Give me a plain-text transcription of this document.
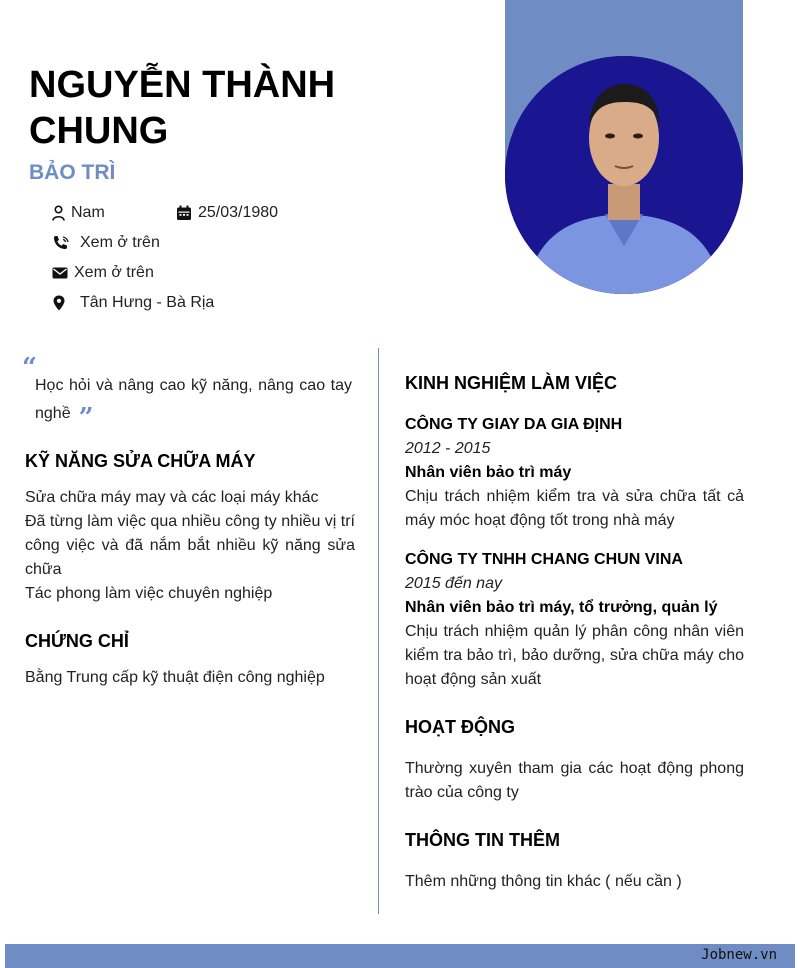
NGUYỄN THÀNH CHUNG
BẢO TRÌ
Nam	25/03/1980
Xem ở trên
Xem ở trên
Tân Hưng - Bà Rịa
“
Học hỏi và nâng cao kỹ năng, nâng cao tay nghề ”
KỸ NĂNG SỬA CHỮA MÁY

Sửa chữa máy may và các loại máy khác

Đã từng làm việc qua nhiều công ty nhiều vị trí công việc và đã nắm bắt nhiều kỹ năng sửa chữa

Tác phong làm việc chuyên nghiệp

CHỨNG CHỈ

Bằng Trung cấp kỹ thuật điện công nghiệp

KINH NGHIỆM LÀM VIỆC

CÔNG TY GIAY DA GIA ĐỊNH

2012 - 2015

Nhân viên bảo trì máy

Chịu trách nhiệm kiểm tra và sửa chữa tất cả máy móc hoạt động tốt trong nhà máy

CÔNG TY TNHH CHANG CHUN VINA

2015 đến nay

Nhân viên bảo trì máy, tổ trưởng, quản lý

Chịu trách nhiệm quản lý phân công nhân viên kiểm tra bảo trì, bảo dưỡng, sửa chữa máy cho hoạt động sản xuất

HOẠT ĐỘNG
Thường xuyên tham gia các hoạt động phong trào của công ty
THÔNG TIN THÊM
Thêm những thông tin khác ( nếu cần )
Jobnew.vn
